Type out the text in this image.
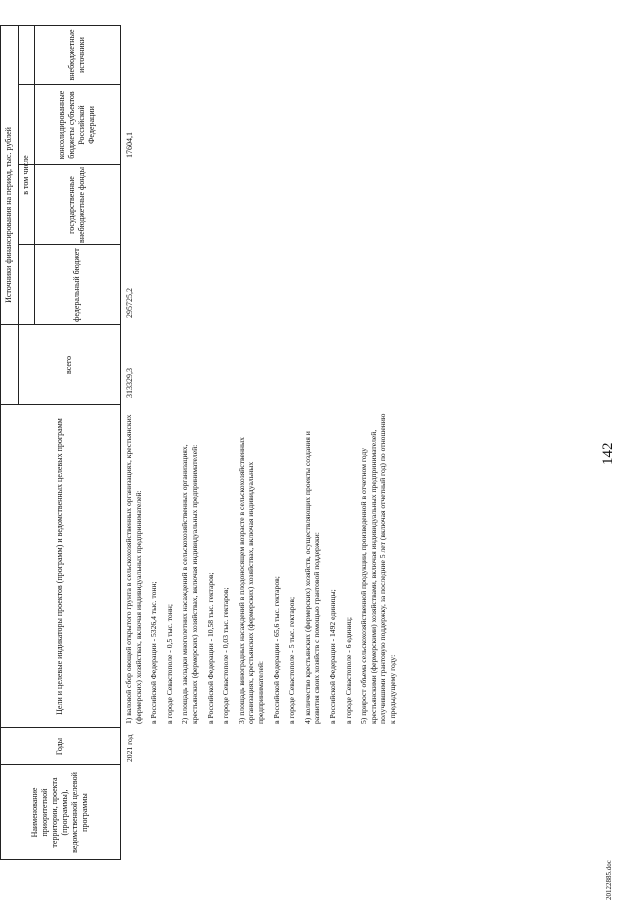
142
20122885.doc
Наименование приоритетной территории, проекта (программы), ведомственной целевой программы
Годы
Цели и целевые индикаторы проектов (программ) и ведомственных целевых программ
Источники финансирования на период, тыс. рублей
всего
в том числе
федеральный бюджет
государственные внебюджетные фонды
консолидированные бюджеты субъектов Российской Федерации
внебюджетные источники
2021 год

1) валовой сбор овощей открытого грунта в сельскохозяйственных организациях, крестьянских (фермерских) хозяйствах, включая индивидуальных предпринимателей: в Российской Федерации - 5326,4 тыс. тонн; в городе Севастополе - 0,5 тыс. тонн; 2) площадь закладки многолетних насаждений в сельскохозяйственных организациях, крестьянских (фермерских) хозяйствах, включая индивидуальных предпринимателей: в Российской Федерации - 10,58 тыс. гектаров; в городе Севастополе - 0,03 тыс. гектаров; 3) площадь виноградных насаждений в плодоносящем возрасте в сельскохозяйственных организациях, крестьянских (фермерских) хозяйствах, включая индивидуальных предпринимателей: в Российской Федерации - 65,6 тыс. гектаров; в городе Севастополе - 5 тыс. гектаров; 4) количество крестьянских (фермерских) хозяйств, осуществляющих проекты создания и развития своих хозяйств с помощью грантовой поддержки: в Российской Федерации - 1492 единицы; в городе Севастополе - 6 единиц; 5) прирост объема сельскохозяйственной продукции, произведенной в отчетном году крестьянскими (фермерскими) хозяйствами, включая индивидуальных предпринимателей, получившими грантовую поддержку, за последние 5 лет (включая отчетный год) по отношению к предыдущему году:

313329,3
295725,2
17604,1
